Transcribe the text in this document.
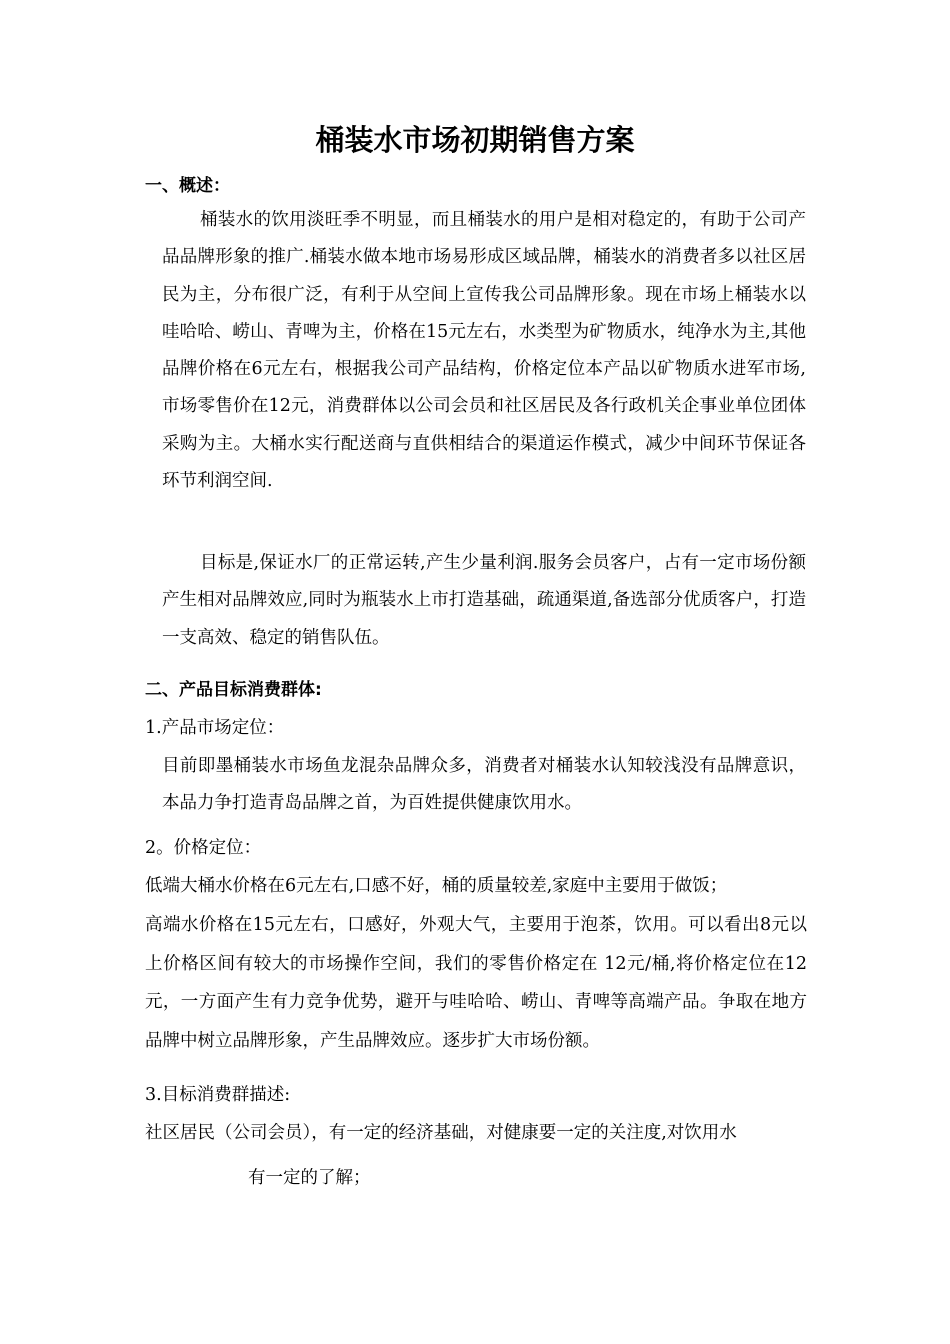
桶装水市场初期销售方案
一、概述：

桶装水的饮用淡旺季不明显，而且桶装水的用户是相对稳定的，有助于公司产品品牌形象的推广.桶装水做本地市场易形成区域品牌，桶装水的消费者多以社区居民为主，分布很广泛，有利于从空间上宣传我公司品牌形象。现在市场上桶装水以哇哈哈、崂山、青啤为主，价格在15元左右，水类型为矿物质水，纯净水为主,其他品牌价格在6元左右，根据我公司产品结构，价格定位本产品以矿物质水进军市场,市场零售价在12元，消费群体以公司会员和社区居民及各行政机关企事业单位团体采购为主。大桶水实行配送商与直供相结合的渠道运作模式，减少中间环节保证各环节利润空间.

目标是,保证水厂的正常运转,产生少量利润.服务会员客户，占有一定市场份额产生相对品牌效应,同时为瓶装水上市打造基础，疏通渠道,备选部分优质客户，打造一支高效、稳定的销售队伍。

二、产品目标消费群体:
1.产品市场定位：

目前即墨桶装水市场鱼龙混杂品牌众多，消费者对桶装水认知较浅没有品牌意识，本品力争打造青岛品牌之首，为百姓提供健康饮用水。

2。价格定位：
低端大桶水价格在6元左右,口感不好，桶的质量较差,家庭中主要用于做饭；

高端水价格在15元左右，口感好，外观大气，主要用于泡茶，饮用。可以看出8元以上价格区间有较大的市场操作空间，我们的零售价格定在 12元/桶,将价格定位在12元，一方面产生有力竞争优势，避开与哇哈哈、崂山、青啤等高端产品。争取在地方品牌中树立品牌形象，产生品牌效应。逐步扩大市场份额。

3.目标消费群描述:
社区居民（公司会员），有一定的经济基础，对健康要一定的关注度,对饮用水
有一定的了解；
